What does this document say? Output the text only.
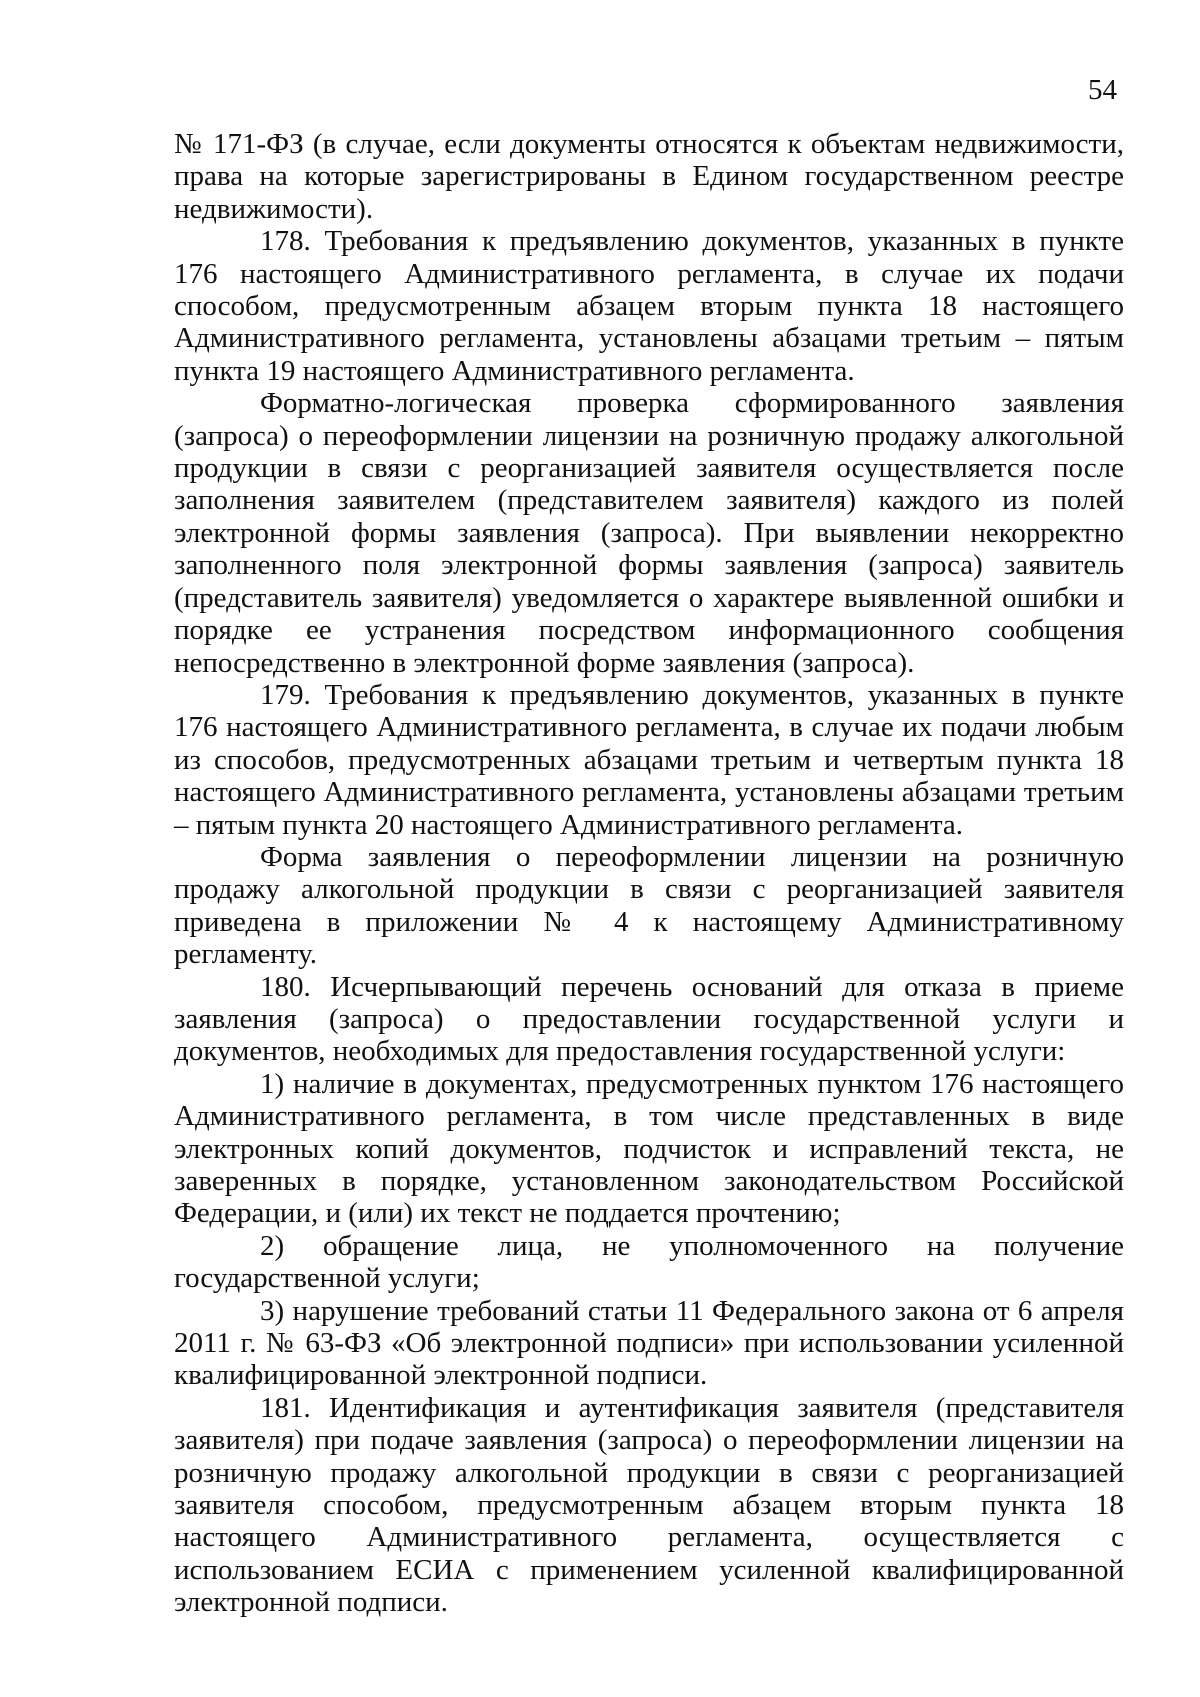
54

№ 171-ФЗ (в случае, если документы относятся к объектам недвижимости, права на которые зарегистрированы в Едином государственном реестре недвижимости).

178. Требования к предъявлению документов, указанных в пункте 176 настоящего Административного регламента, в случае их подачи способом, предусмотренным абзацем вторым пункта 18 настоящего Административного регламента, установлены абзацами третьим – пятым пункта 19 настоящего Административного регламента.

Форматно-логическая проверка сформированного заявления (запроса) о переоформлении лицензии на розничную продажу алкогольной продукции в связи с реорганизацией заявителя осуществляется после заполнения заявителем (представителем заявителя) каждого из полей электронной формы заявления (запроса). При выявлении некорректно заполненного поля электронной формы заявления (запроса) заявитель (представитель заявителя) уведомляется о характере выявленной ошибки и порядке ее устранения посредством информационного сообщения непосредственно в электронной форме заявления (запроса).

179. Требования к предъявлению документов, указанных в пункте 176 настоящего Административного регламента, в случае их подачи любым из способов, предусмотренных абзацами третьим и четвертым пункта 18 настоящего Административного регламента, установлены абзацами третьим – пятым пункта 20 настоящего Административного регламента.

Форма заявления о переоформлении лицензии на розничную продажу алкогольной продукции в связи с реорганизацией заявителя приведена в приложении № 4 к настоящему Административному регламенту.

180. Исчерпывающий перечень оснований для отказа в приеме заявления (запроса) о предоставлении государственной услуги и документов, необходимых для предоставления государственной услуги:

1) наличие в документах, предусмотренных пунктом 176 настоящего Административного регламента, в том числе представленных в виде электронных копий документов, подчисток и исправлений текста, не заверенных в порядке, установленном законодательством Российской Федерации, и (или) их текст не поддается прочтению;

2) обращение лица, не уполномоченного на получение государственной услуги;

3) нарушение требований статьи 11 Федерального закона от 6 апреля 2011 г. № 63-ФЗ «Об электронной подписи» при использовании усиленной квалифицированной электронной подписи.

181. Идентификация и аутентификация заявителя (представителя заявителя) при подаче заявления (запроса) о переоформлении лицензии на розничную продажу алкогольной продукции в связи с реорганизацией заявителя способом, предусмотренным абзацем вторым пункта 18 настоящего Административного регламента, осуществляется с использованием ЕСИА с применением усиленной квалифицированной электронной подписи.
